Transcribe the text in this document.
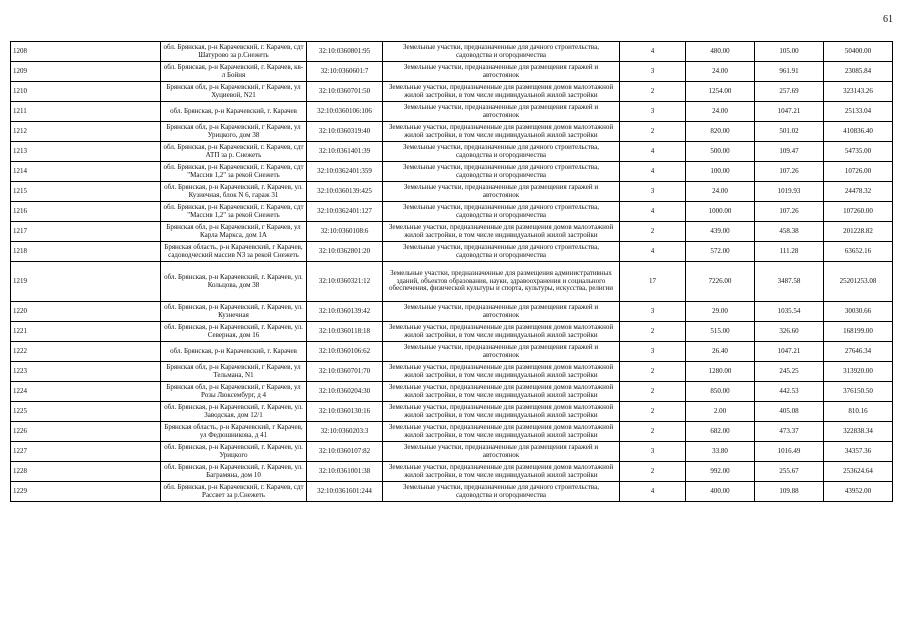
61
1208	обл. Брянская, р-н Карачевский, г. Карачев, сдт Шатурово за р.Снежеть	32:10:0360801:95	Земельные участки, предназначенные для дачного строительства, садоводства и огородничества	4	480.00	105.00	50400.00
1209	обл. Брянская, р-н Карачевский, г. Карачев, кв-л Бойня	32:10:0360601:7	Земельные участки, предназначенные для размещения гаражей и автостоянок	3	24.00	961.91	23085.84
1210	Брянская обл, р-н Карачевский, г Карачев, ул Хуциевой, N21	32:10:0360701:50	Земельные участки, предназначенные для размещения домов малоэтажной жилой застройки, в том числе индивидуальной жилой застройки	2	1254.00	257.69	323143.26
1211	обл. Брянская, р-н Карачевский, г. Карачев	32:10:0360106:106	Земельные участки, предназначенные для размещения гаражей и автостоянок	3	24.00	1047.21	25133.04
1212	Брянская обл, р-н Карачевский, г Карачев, ул Урицкого, дом 38	32:10:0360319:40	Земельные участки, предназначенные для размещения домов малоэтажной жилой застройки, в том числе индивидуальной жилой застройки	2	820.00	501.02	410836.40
1213	обл. Брянская, р-н Карачевский, г. Карачев, сдт АТП за р. Снежеть	32:10:0361401:39	Земельные участки, предназначенные для дачного строительства, садоводства и огородничества	4	500.00	109.47	54735.00
1214	обл. Брянская, р-н Карачевский, г. Карачев, сдт "Массив 1,2" за рекой Снежеть	32:10:0362401:359	Земельные участки, предназначенные для дачного строительства, садоводства и огородничества	4	100.00	107.26	10726.00
1215	обл. Брянская, р-н Карачевский, г. Карачев, ул. Кузнечная, блок N 6, гараж 31	32:10:0360139:425	Земельные участки, предназначенные для размещения гаражей и автостоянок	3	24.00	1019.93	24478.32
1216	обл. Брянская, р-н Карачевский, г. Карачев, сдт "Массив 1,2" за рекой Снежеть	32:10:0362401:127	Земельные участки, предназначенные для дачного строительства, садоводства и огородничества	4	1000.00	107.26	107260.00
1217	Брянская обл, р-н Карачевский, г Карачев, ул Карла Маркса, дом 1А	32:10:0360108:6	Земельные участки, предназначенные для размещения домов малоэтажной жилой застройки, в том числе индивидуальной жилой застройки	2	439.00	458.38	201228.82
1218	Брянская область, р-н Карачевский, г Карачев, садоводческий массив N3 за рекой Снежеть	32:10:0362801:20	Земельные участки, предназначенные для дачного строительства, садоводства и огородничества	4	572.00	111.28	63652.16
1219	обл. Брянская, р-н Карачевский, г. Карачев, ул. Кольцова, дом 38	32:10:0360321:12	Земельные участки, предназначенные для размещения административных зданий, объектов образования, науки, здравоохранения и социального обеспечения, физической культуры и спорта, культуры, искусства, религии	17	7226.00	3487.58	25201253.08
1220	обл. Брянская, р-н Карачевский, г. Карачев, ул. Кузнечная	32:10:0360139:42	Земельные участки, предназначенные для размещения гаражей и автостоянок	3	29.00	1035.54	30030.66
1221	обл. Брянская, р-н Карачевский, г. Карачев, ул. Северная, дом 16	32:10:0360118:18	Земельные участки, предназначенные для размещения домов малоэтажной жилой застройки, в том числе индивидуальной жилой застройки	2	515.00	326.60	168199.00
1222	обл. Брянская, р-н Карачевский, г. Карачев	32:10:0360106:62	Земельные участки, предназначенные для размещения гаражей и автостоянок	3	26.40	1047.21	27646.34
1223	Брянская обл, р-н Карачевский, г Карачев, ул Тельмана, N1	32:10:0360701:70	Земельные участки, предназначенные для размещения домов малоэтажной жилой застройки, в том числе индивидуальной жилой застройки	2	1280.00	245.25	313920.00
1224	Брянская обл, р-н Карачевский, г Карачев, ул Розы Люксембург, д 4	32:10:0360204:30	Земельные участки, предназначенные для размещения домов малоэтажной жилой застройки, в том числе индивидуальной жилой застройки	2	850.00	442.53	376150.50
1225	обл. Брянская, р-н Карачевский, г. Карачев, ул. Заводская, дом 12/1	32:10:0360130:16	Земельные участки, предназначенные для размещения домов малоэтажной жилой застройки, в том числе индивидуальной жилой застройки	2	2.00	405.08	810.16
1226	Брянская область, р-н Карачевский, г Карачев, ул Федюшникова, д 41	32:10:0360203:3	Земельные участки, предназначенные для размещения домов малоэтажной жилой застройки, в том числе индивидуальной жилой застройки	2	682.00	473.37	322838.34
1227	обл. Брянская, р-н Карачевский, г. Карачев, ул. Урицкого	32:10:0360107:82	Земельные участки, предназначенные для размещения гаражей и автостоянок	3	33.80	1016.49	34357.36
1228	обл. Брянская, р-н Карачевский, г. Карачев, ул. Баграмяна, дом 10	32:10:0361001:38	Земельные участки, предназначенные для размещения домов малоэтажной жилой застройки, в том числе индивидуальной жилой застройки	2	992.00	255.67	253624.64
1229	обл. Брянская, р-н Карачевский, г. Карачев, сдт Рассвет за р.Снежеть	32:10:0361601:244	Земельные участки, предназначенные для дачного строительства, садоводства и огородничества	4	400.00	109.88	43952.00
